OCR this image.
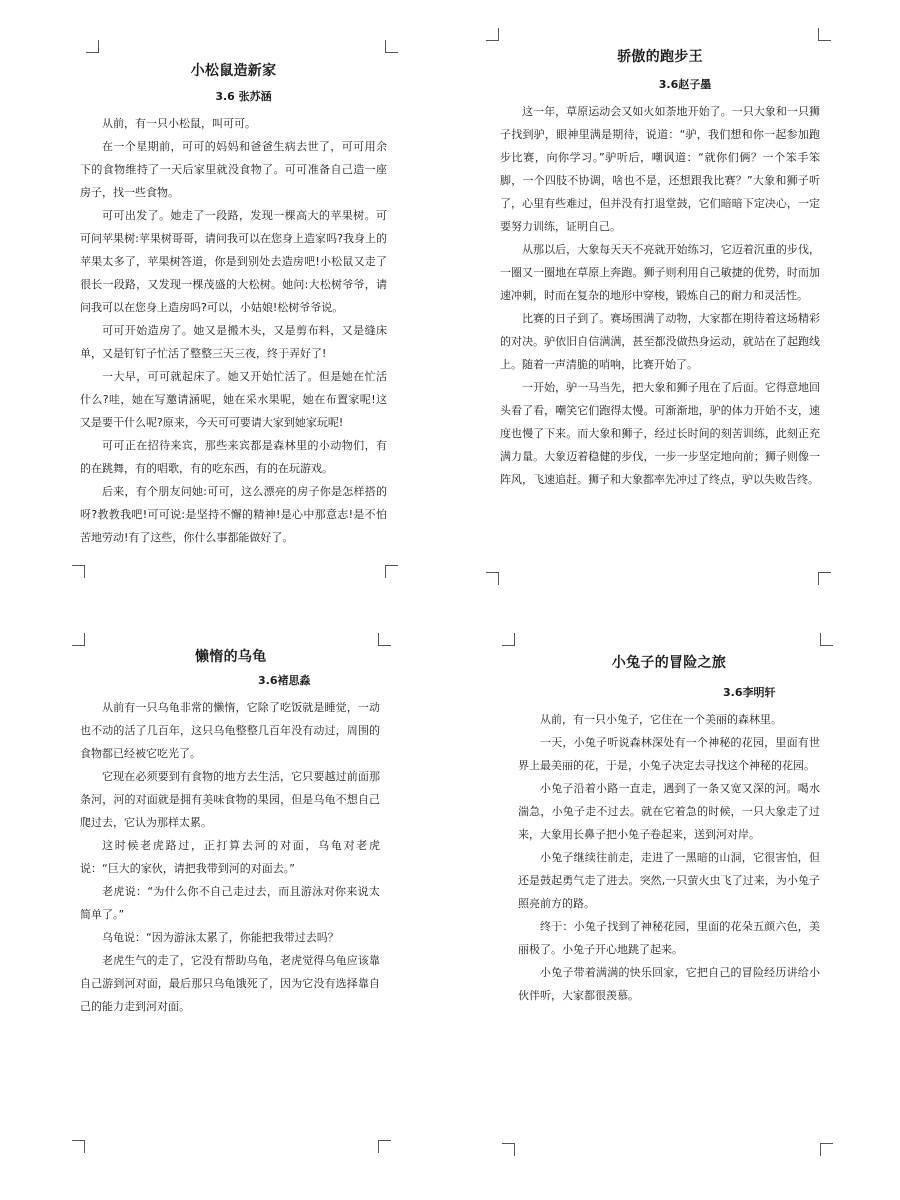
小松鼠造新家
3.6 张苏涵

从前，有一只小松鼠，叫可可。

在一个星期前，可可的妈妈和爸爸生病去世了，可可用余下的食物维持了一天后家里就没食物了。可可准备自己造一座房子，找一些食物。

可可出发了。她走了一段路，发现一棵高大的苹果树。可可问苹果树:苹果树哥哥，请问我可以在您身上造家吗?我身上的苹果太多了，苹果树答道，你是到别处去造房吧!小松鼠又走了很长一段路，又发现一棵茂盛的大松树。她问:大松树爷爷，请问我可以在您身上造房吗?可以，小姑娘!松树爷爷说。

可可开始造房了。她又是搬木头，又是剪布料，又是缝床单，又是钉钉子忙活了整整三天三夜，终于弄好了!

一大早，可可就起床了。她又开始忙活了。但是她在忙活什么?哇，她在写邀请涵呢，她在采水果呢，她在布置家呢!这又是要干什么呢?原来，今天可可要请大家到她家玩呢!

可可正在招待来宾，那些来宾都是森林里的小动物们，有的在跳舞，有的唱歌，有的吃东西，有的在玩游戏。

后来，有个朋友问她:可可，这么漂亮的房子你是怎样搭的呀?教教我吧!可可说:是坚持不懈的精神!是心中那意志!是不怕苦地劳动!有了这些，你什么事都能做好了。

骄傲的跑步王
3.6赵子墨

这一年，草原运动会又如火如荼地开始了。一只大象和一只狮子找到驴，眼神里满是期待，说道：“驴，我们想和你一起参加跑步比赛，向你学习。”驴听后，嘲讽道：“就你们俩？一个笨手笨脚，一个四肢不协调，啥也不是，还想跟我比赛？”大象和狮子听了，心里有些难过，但并没有打退堂鼓，它们暗暗下定决心，一定要努力训练，证明自己。

从那以后，大象每天天不亮就开始练习，它迈着沉重的步伐，一圈又一圈地在草原上奔跑。狮子则利用自己敏捷的优势，时而加速冲刺，时而在复杂的地形中穿梭，锻炼自己的耐力和灵活性。

比赛的日子到了。赛场围满了动物，大家都在期待着这场精彩的对决。驴依旧自信满满，甚至都没做热身运动，就站在了起跑线上。随着一声清脆的哨响，比赛开始了。

一开始，驴一马当先，把大象和狮子甩在了后面。它得意地回头看了看，嘲笑它们跑得太慢。可渐渐地，驴的体力开始不支，速度也慢了下来。而大象和狮子，经过长时间的刻苦训练，此刻正充满力量。大象迈着稳健的步伐，一步一步坚定地向前；狮子则像一阵风，飞速追赶。狮子和大象都率先冲过了终点，驴以失败告终。

懒惰的乌龟
3.6褚思淼

从前有一只乌龟非常的懒惰，它除了吃饭就是睡觉，一动也不动的活了几百年，这只乌龟整整几百年没有动过，周围的食物都已经被它吃光了。

它现在必须要到有食物的地方去生活，它只要越过前面那条河，河的对面就是拥有美味食物的果园，但是乌龟不想自己爬过去，它认为那样太累。

这时候老虎路过，正打算去河的对面，乌龟对老虎说：“巨大的家伙，请把我带到河的对面去。”

老虎说：“为什么你不自己走过去，而且游泳对你来说太简单了。”

乌龟说：“因为游泳太累了，你能把我带过去吗？

老虎生气的走了，它没有帮助乌龟，老虎觉得乌龟应该靠自己游到河对面，最后那只乌龟饿死了，因为它没有选择靠自己的能力走到河对面。

小兔子的冒险之旅
3.6李明轩

从前，有一只小兔子，它住在一个美丽的森林里。

一天，小兔子听说森林深处有一个神秘的花园，里面有世界上最美丽的花，于是，小兔子决定去寻找这个神秘的花园。

小兔子沿着小路一直走，遇到了一条又宽又深的河。喝水湍急，小兔子走不过去。就在它着急的时候，一只大象走了过来，大象用长鼻子把小兔子卷起来，送到河对岸。

小兔子继续往前走，走进了一黑暗的山洞，它很害怕，但还是鼓起勇气走了进去。突然,一只萤火虫飞了过来，为小兔子照亮前方的路。

终于：小兔子找到了神秘花园，里面的花朵五颜六色，美丽极了。小兔子开心地跳了起来。

小兔子带着满满的快乐回家，它把自己的冒险经历讲给小伙伴听，大家都很羡慕。
